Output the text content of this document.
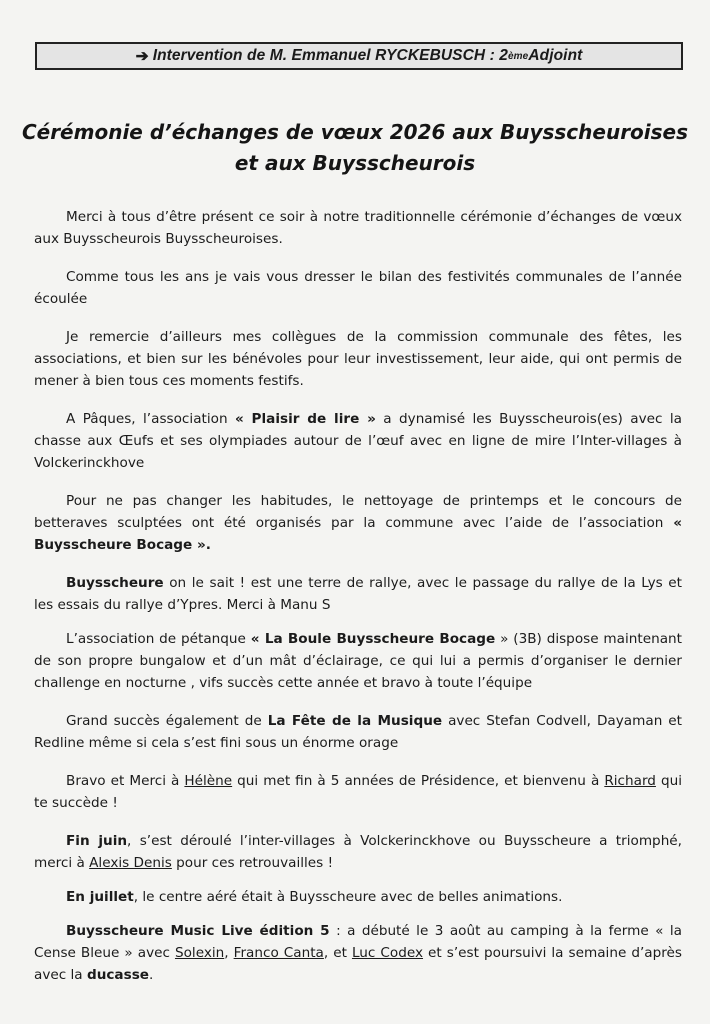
➔ Intervention de M. Emmanuel RYCKEBUSCH : 2 ème Adjoint
Cérémonie d’échanges de vœux 2026 aux Buysscheuroises
et aux Buysscheurois

Merci à tous d’être présent ce soir à notre traditionnelle cérémonie d’échanges de vœux aux Buysscheurois Buysscheuroises.

Comme tous les ans je vais vous dresser le bilan des festivités communales de l’année écoulée

Je remercie d’ailleurs mes collègues de la commission communale des fêtes, les associations, et bien sur les bénévoles pour leur investissement, leur aide, qui ont permis de mener à bien tous ces moments festifs.

A Pâques, l’association « Plaisir de lire » a dynamisé les Buysscheurois(es) avec la chasse aux Œufs et ses olympiades autour de l’œuf avec en ligne de mire l’Inter-villages à Volckerinckhove

Pour ne pas changer les habitudes, le nettoyage de printemps et le concours de betteraves sculptées ont été organisés par la commune avec l’aide de l’association « Buysscheure Bocage ».

Buysscheure on le sait ! est une terre de rallye, avec le passage du rallye de la Lys et les essais du rallye d’Ypres. Merci à Manu S

L’association de pétanque « La Boule Buysscheure Bocage » (3B) dispose maintenant de son propre bungalow et d’un mât d’éclairage, ce qui lui a permis d’organiser le dernier challenge en nocturne , vifs succès cette année et bravo à toute l’équipe

Grand succès également de La Fête de la Musique avec Stefan Codvell, Dayaman et Redline même si cela s’est fini sous un énorme orage

Bravo et Merci à Hélène qui met fin à 5 années de Présidence, et bienvenu à Richard qui te succède !

Fin juin, s’est déroulé l’inter-villages à Volckerinckhove ou Buysscheure a triomphé, merci à Alexis Denis pour ces retrouvailles !

En juillet, le centre aéré était à Buysscheure avec de belles animations.

Buysscheure Music Live édition 5 : a débuté le 3 août au camping à la ferme « la Cense Bleue » avec Solexin, Franco Canta, et Luc Codex et s’est poursuivi la semaine d’après avec la ducasse.
